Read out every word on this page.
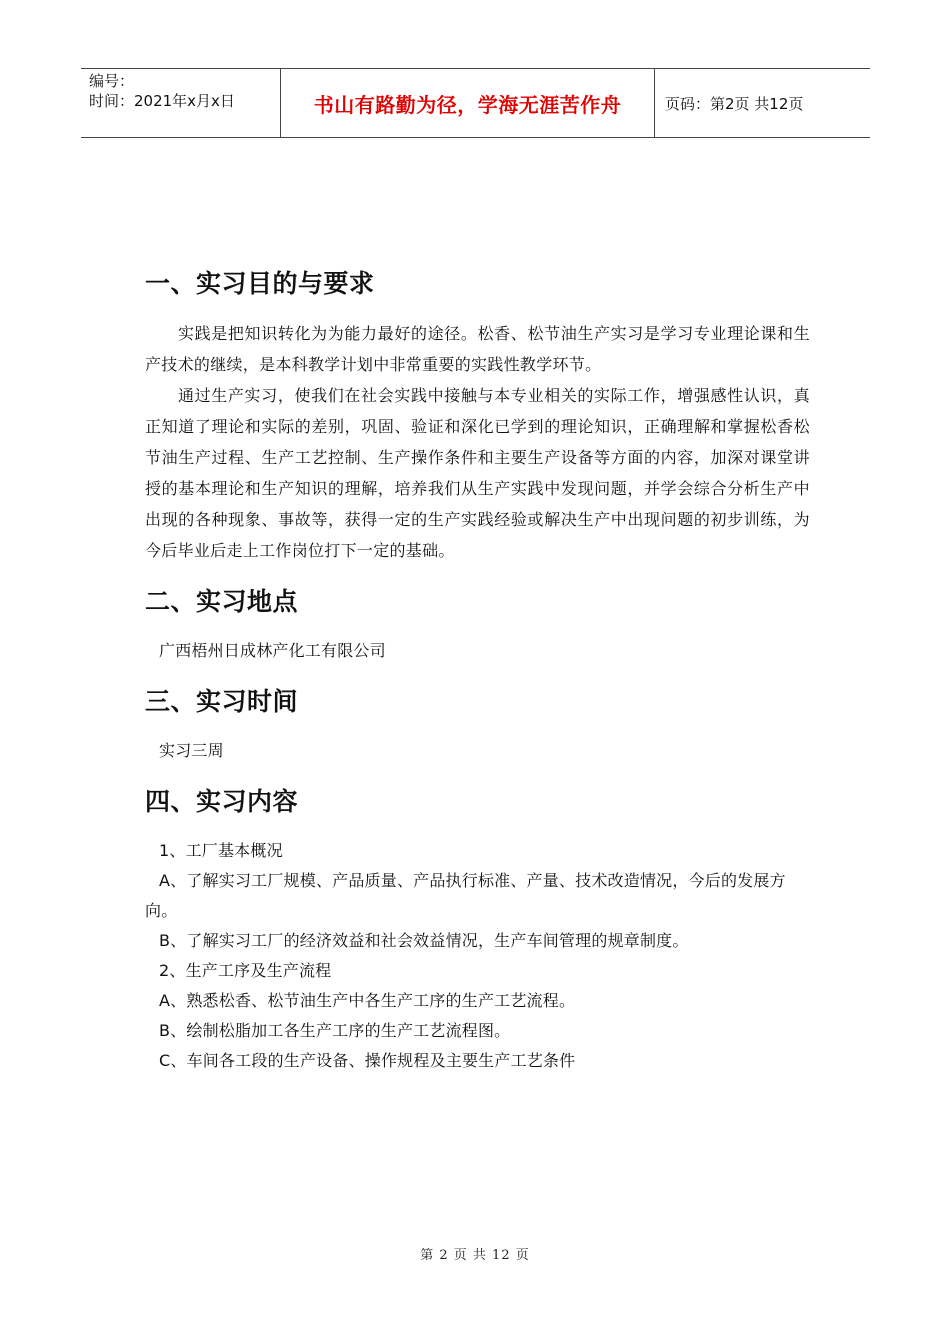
编号：
时间：2021年x月x日	书山有路勤为径，学海无涯苦作舟	页码：第2页 共12页
一、实习目的与要求

实践是把知识转化为为能力最好的途径。松香、松节油生产实习是学习专业理论课和生产技术的继续，是本科教学计划中非常重要的实践性教学环节。

通过生产实习，使我们在社会实践中接触与本专业相关的实际工作，增强感性认识，真正知道了理论和实际的差别，巩固、验证和深化已学到的理论知识，正确理解和掌握松香松节油生产过程、生产工艺控制、生产操作条件和主要生产设备等方面的内容，加深对课堂讲授的基本理论和生产知识的理解，培养我们从生产实践中发现问题，并学会综合分析生产中出现的各种现象、事故等，获得一定的生产实践经验或解决生产中出现问题的初步训练，为今后毕业后走上工作岗位打下一定的基础。

二、实习地点

广西梧州日成林产化工有限公司

三、实习时间

实习三周

四、实习内容

1、工厂基本概况

A、了解实习工厂规模、产品质量、产品执行标准、产量、技术改造情况，今后的发展方向。

B、了解实习工厂的经济效益和社会效益情况，生产车间管理的规章制度。

2、生产工序及生产流程

A、熟悉松香、松节油生产中各生产工序的生产工艺流程。

B、绘制松脂加工各生产工序的生产工艺流程图。

C、车间各工段的生产设备、操作规程及主要生产工艺条件

第 2 页 共 12 页
